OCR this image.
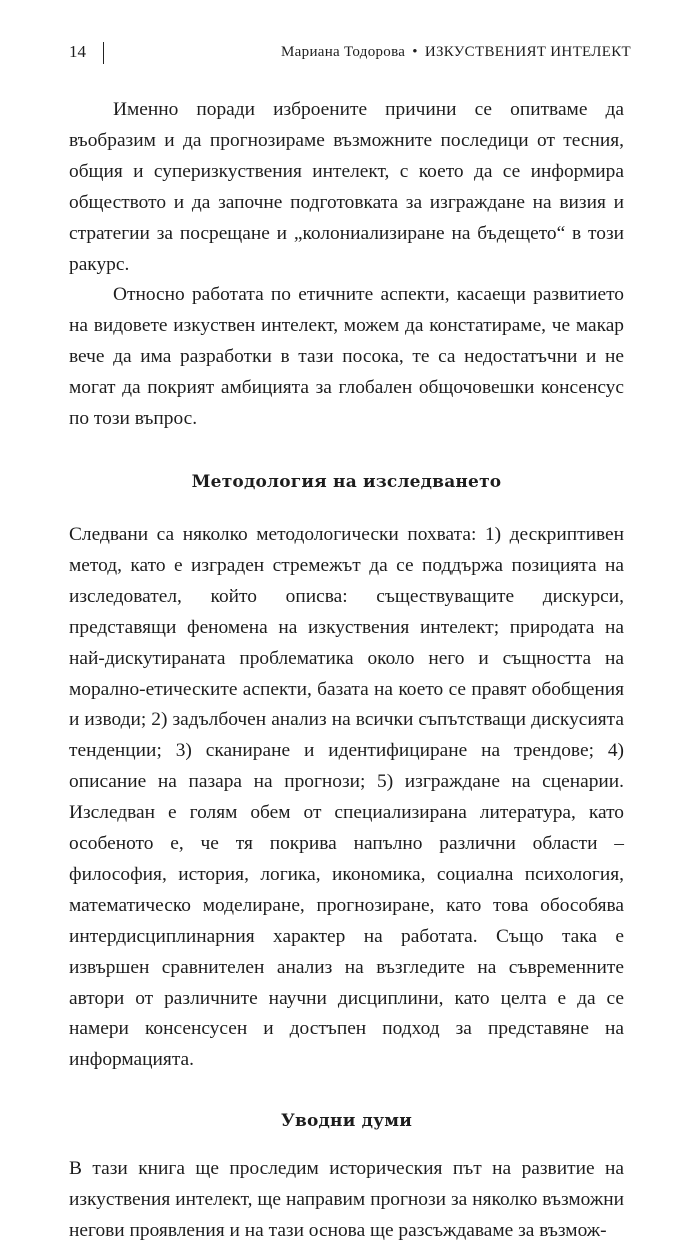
14	Мариана Тодорова • ИЗКУСТВЕНИЯТ ИНТЕЛЕКТ

Именно поради изброените причини се опитваме да въобразим и да прогнозираме възможните последици от тесния, общия и суперизкуствения интелект, с което да се информира обществото и да започне подготовката за изграждане на визия и стратегии за посрещане и „колониализиране на бъдещето“ в този ракурс.

Относно работата по етичните аспекти, касаещи развитието на видовете изкуствен интелект, можем да констатираме, че макар вече да има разработки в тази посока, те са недостатъчни и не могат да покрият амбицията за глобален общочовешки консенсус по този въпрос.

Методология на изследването

Следвани са няколко методологически похвата: 1) дескриптивен метод, като е изграден стремежът да се поддържа позицията на изследовател, който описва: съществуващите дискурси, представящи феномена на изкуствения интелект; природата на най-дискутираната проблематика около него и същността на морално-етическите аспекти, базата на което се правят обобщения и изводи; 2) задълбочен анализ на всички съпътстващи дискусията тенденции; 3) сканиране и идентифициране на трендове; 4) описание на пазара на прогнози; 5) изграждане на сценарии. Изследван е голям обем от специализирана литература, като особеното е, че тя покрива напълно различни области – философия, история, логика, икономика, социална психология, математическо моделиране, прогнозиране, като това обособява интердисциплинарния характер на работата. Също така е извършен сравнителен анализ на възгледите на съвременните автори от различните научни дисциплини, като целта е да се намери консенсусен и достъпен подход за представяне на информацията.

Уводни думи

В тази книга ще проследим историческия път на развитие на изкуствения интелект, ще направим прогнози за няколко възможни негови проявления и на тази основа ще разсъждаваме за възмож-
